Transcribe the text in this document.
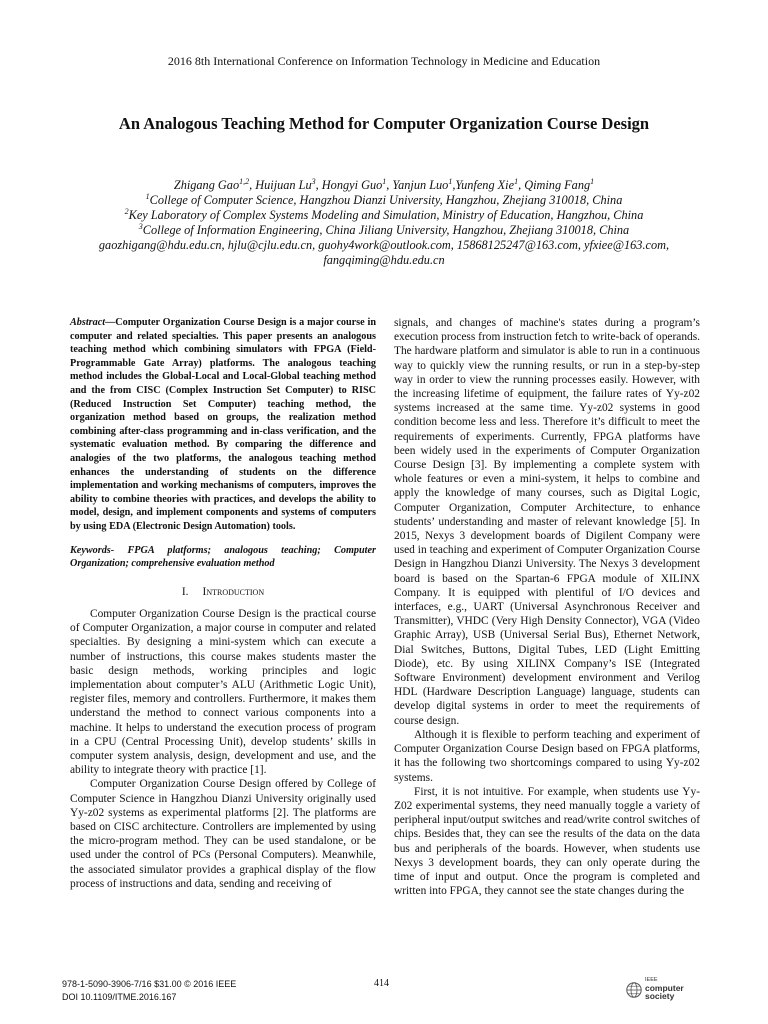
2016 8th International Conference on Information Technology in Medicine and Education
An Analogous Teaching Method for Computer Organization Course Design
Zhigang Gao$^{1,2}$, Huijuan Lu$^3$, Hongyi Guo$^1$, Yanjun Luo$^1$,Yunfeng Xie$^1$, Qiming Fang$^1$
$^1$College of Computer Science, Hangzhou Dianzi University, Hangzhou, Zhejiang 310018, China
$^2$Key Laboratory of Complex Systems Modeling and Simulation, Ministry of Education, Hangzhou, China
$^3$College of Information Engineering, China Jiliang University, Hangzhou, Zhejiang 310018, China
gaozhigang@hdu.edu.cn, hjlu@cjlu.edu.cn, guohy4work@outlook.com, 15868125247@163.com, yfxiee@163.com,
fangqiming@hdu.edu.cn

Abstract—Computer Organization Course Design is a major course in computer and related specialties. This paper presents an analogous teaching method which combining simulators with FPGA (Field-Programmable Gate Array) platforms. The analogous teaching method includes the Global-Local and Local-Global teaching method and the from CISC (Complex Instruction Set Computer) to RISC (Reduced Instruction Set Computer) teaching method, the organization method based on groups, the realization method combining after-class programming and in-class verification, and the systematic evaluation method. By comparing the difference and analogies of the two platforms, the analogous teaching method enhances the understanding of students on the difference implementation and working mechanisms of computers, improves the ability to combine theories with practices, and develops the ability to model, design, and implement components and systems of computers by using EDA (Electronic Design Automation) tools.

Keywords- FPGA platforms; analogous teaching; Computer Organization; comprehensive evaluation method

I. Introduction

Computer Organization Course Design is the practical course of Computer Organization, a major course in computer and related specialties. By designing a mini-system which can execute a number of instructions, this course makes students master the basic design methods, working principles and logic implementation about computer’s ALU (Arithmetic Logic Unit), register files, memory and controllers. Furthermore, it makes them understand the method to connect various components into a machine. It helps to understand the execution process of program in a CPU (Central Processing Unit), develop students’ skills in computer system analysis, design, development and use, and the ability to integrate theory with practice [1].

Computer Organization Course Design offered by College of Computer Science in Hangzhou Dianzi University originally used Yy-z02 systems as experimental platforms [2]. The platforms are based on CISC architecture. Controllers are implemented by using the micro-program method. They can be used standalone, or be used under the control of PCs (Personal Computers). Meanwhile, the associated simulator provides a graphical display of the flow process of instructions and data, sending and receiving of

signals, and changes of machine's states during a program’s execution process from instruction fetch to write-back of operands. The hardware platform and simulator is able to run in a continuous way to quickly view the running results, or run in a step-by-step way in order to view the running processes easily. However, with the increasing lifetime of equipment, the failure rates of Yy-z02 systems increased at the same time. Yy-z02 systems in good condition become less and less. Therefore it’s difficult to meet the requirements of experiments. Currently, FPGA platforms have been widely used in the experiments of Computer Organization Course Design [3]. By implementing a complete system with whole features or even a mini-system, it helps to combine and apply the knowledge of many courses, such as Digital Logic, Computer Organization, Computer Architecture, to enhance students’ understanding and master of relevant knowledge [5]. In 2015, Nexys 3 development boards of Digilent Company were used in teaching and experiment of Computer Organization Course Design in Hangzhou Dianzi University. The Nexys 3 development board is based on the Spartan-6 FPGA module of XILINX Company. It is equipped with plentiful of I/O devices and interfaces, e.g., UART (Universal Asynchronous Receiver and Transmitter), VHDC (Very High Density Connector), VGA (Video Graphic Array), USB (Universal Serial Bus), Ethernet Network, Dial Switches, Buttons, Digital Tubes, LED (Light Emitting Diode), etc. By using XILINX Company’s ISE (Integrated Software Environment) development environment and Verilog HDL (Hardware Description Language) language, students can develop digital systems in order to meet the requirements of course design.

Although it is flexible to perform teaching and experiment of Computer Organization Course Design based on FPGA platforms, it has the following two shortcomings compared to using Yy-z02 systems.

First, it is not intuitive. For example, when students use Yy-Z02 experimental systems, they need manually toggle a variety of peripheral input/output switches and read/write control switches of chips. Besides that, they can see the results of the data on the data bus and peripherals of the boards. However, when students use Nexys 3 development boards, they can only operate during the time of input and output. Once the program is completed and written into FPGA, they cannot see the state changes during the

978-1-5090-3906-7/16 $31.00 © 2016 IEEE
DOI 10.1109/ITME.2016.167
414	IEEE
computer society
